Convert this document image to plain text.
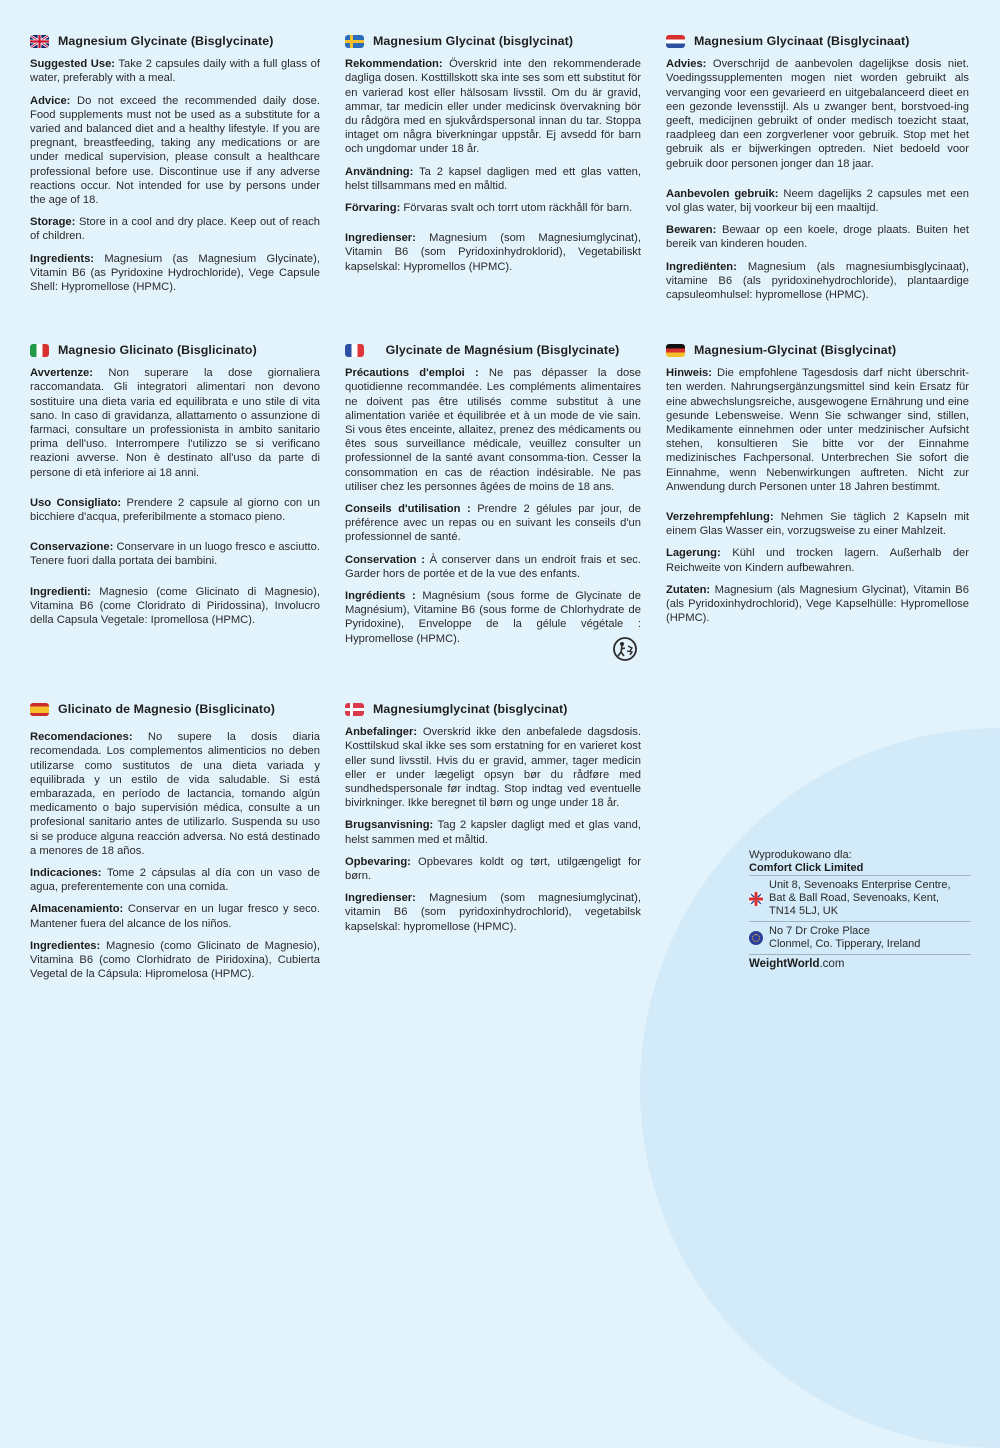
Magnesium Glycinate (Bisglycinate)

Suggested Use: Take 2 capsules daily with a full glass of water, preferably with a meal.

Advice: Do not exceed the recommended daily dose. Food supplements must not be used as a substitute for a varied and balanced diet and a healthy lifestyle. If you are pregnant, breastfeeding, taking any medications or are under medical supervision, please consult a healthcare professional before use. Discontinue use if any adverse reactions occur. Not intended for use by persons under the age of 18.

Storage: Store in a cool and dry place. Keep out of reach of children.

Ingredients: Magnesium (as Magnesium Glycinate), Vitamin B6 (as Pyridoxine Hydrochloride), Vege Capsule Shell: Hypromellose (HPMC).

Magnesium Glycinat (bisglycinat)

Rekommendation: Överskrid inte den rekommenderade dagliga dosen. Kosttillskott ska inte ses som ett substitut för en varierad kost eller hälsosam livsstil. Om du är gravid, ammar, tar medicin eller under medicinsk övervakning bör du rådgöra med en sjukvårdspersonal innan du tar. Stoppa intaget om några biverkningar uppstår. Ej avsedd för barn och ungdomar under 18 år.

Användning: Ta 2 kapsel dagligen med ett glas vatten, helst tillsammans med en måltid.

Förvaring: Förvaras svalt och torrt utom räckhåll för barn.

Ingredienser: Magnesium (som Magnesiumglycinat), Vitamin B6 (som Pyridoxinhydroklorid), Vegetabiliskt kapselskal: Hypromellos (HPMC).

Magnesium Glycinaat (Bisglycinaat)

Advies: Overschrijd de aanbevolen dagelijkse dosis niet. Voedingssupplementen mogen niet worden gebruikt als vervanging voor een gevarieerd en uitgebalanceerd dieet en een gezonde levensstijl. Als u zwanger bent, borstvoed-ing geeft, medicijnen gebruikt of onder medisch toezicht staat, raadpleeg dan een zorgverlener voor gebruik. Stop met het gebruik als er bijwerkingen optreden. Niet bedoeld voor gebruik door personen jonger dan 18 jaar.

Aanbevolen gebruik: Neem dagelijks 2 capsules met een vol glas water, bij voorkeur bij een maaltijd.

Bewaren: Bewaar op een koele, droge plaats. Buiten het bereik van kinderen houden.

Ingrediënten: Magnesium (als magnesiumbisglycinaat), vitamine B6 (als pyridoxinehydrochloride), plantaardige capsuleomhulsel: hypromellose (HPMC).

Magnesio Glicinato (Bisglicinato)

Avvertenze: Non superare la dose giornaliera raccomandata. Gli integratori alimentari non devono sostituire una dieta varia ed equilibrata e uno stile di vita sano. In caso di gravidanza, allattamento o assunzione di farmaci, consultare un professionista in ambito sanitario prima dell'uso. Interrompere l'utilizzo se si verificano reazioni avverse. Non è destinato all'uso da parte di persone di età inferiore ai 18 anni.

Uso Consigliato: Prendere 2 capsule al giorno con un bicchiere d'acqua, preferibilmente a stomaco pieno.

Conservazione: Conservare in un luogo fresco e asciutto. Tenere fuori dalla portata dei bambini.

Ingredienti: Magnesio (come Glicinato di Magnesio), Vitamina B6 (come Cloridrato di Piridossina), Involucro della Capsula Vegetale: Ipromellosa (HPMC).

Glycinate de Magnésium (Bisglycinate)

Précautions d'emploi : Ne pas dépasser la dose quotidienne recommandée. Les compléments alimentaires ne doivent pas être utilisés comme substitut à une alimentation variée et équilibrée et à un mode de vie sain. Si vous êtes enceinte, allaitez, prenez des médicaments ou êtes sous surveillance médicale, veuillez consulter un professionnel de la santé avant consomma-tion. Cesser la consommation en cas de réaction indésirable. Ne pas utiliser chez les personnes âgées de moins de 18 ans.

Conseils d'utilisation : Prendre 2 gélules par jour, de préférence avec un repas ou en suivant les conseils d'un professionnel de santé.

Conservation : À conserver dans un endroit frais et sec. Garder hors de portée et de la vue des enfants.

Ingrédients : Magnésium (sous forme de Glycinate de Magnésium), Vitamine B6 (sous forme de Chlorhydrate de Pyridoxine), Enveloppe de la gélule végétale : Hypromellose (HPMC).

Magnesium-Glycinat (Bisglycinat)

Hinweis: Die empfohlene Tagesdosis darf nicht überschrit-ten werden. Nahrungsergänzungsmittel sind kein Ersatz für eine abwechslungsreiche, ausgewogene Ernährung und eine gesunde Lebensweise. Wenn Sie schwanger sind, stillen, Medikamente einnehmen oder unter medzinischer Aufsicht stehen, konsultieren Sie bitte vor der Einnahme medizinisches Fachpersonal. Unterbrechen Sie sofort die Einnahme, wenn Nebenwirkungen auftreten. Nicht zur Anwendung durch Personen unter 18 Jahren bestimmt.

Verzehrempfehlung: Nehmen Sie täglich 2 Kapseln mit einem Glas Wasser ein, vorzugsweise zu einer Mahlzeit.

Lagerung: Kühl und trocken lagern. Außerhalb der Reichweite von Kindern aufbewahren.

Zutaten: Magnesium (als Magnesium Glycinat), Vitamin B6 (als Pyridoxinhydrochlorid), Vege Kapselhülle: Hypromellose (HPMC).

Glicinato de Magnesio (Bisglicinato)

Recomendaciones: No supere la dosis diaria recomendada. Los complementos alimenticios no deben utilizarse como sustitutos de una dieta variada y equilibrada y un estilo de vida saludable. Si está embarazada, en período de lactancia, tomando algún medicamento o bajo supervisión médica, consulte a un profesional sanitario antes de utilizarlo. Suspenda su uso si se produce alguna reacción adversa. No está destinado a menores de 18 años.

Indicaciones: Tome 2 cápsulas al día con un vaso de agua, preferentemente con una comida.

Almacenamiento: Conservar en un lugar fresco y seco. Mantener fuera del alcance de los niños.

Ingredientes: Magnesio (como Glicinato de Magnesio), Vitamina B6 (como Clorhidrato de Piridoxina), Cubierta Vegetal de la Cápsula: Hipromelosa (HPMC).

Magnesiumglycinat (bisglycinat)

Anbefalinger: Overskrid ikke den anbefalede dagsdosis. Kosttilskud skal ikke ses som erstatning for en varieret kost eller sund livsstil. Hvis du er gravid, ammer, tager medicin eller er under lægeligt opsyn bør du rådføre med sundhedspersonale før indtag. Stop indtag ved eventuelle bivirkninger. Ikke beregnet til børn og unge under 18 år.

Brugsanvisning: Tag 2 kapsler dagligt med et glas vand, helst sammen med et måltid.

Opbevaring: Opbevares koldt og tørt, utilgængeligt for børn.

Ingredienser: Magnesium (som magnesiumglycinat), vitamin B6 (som pyridoxinhydrochlorid), vegetabilsk kapselskal: hypromellose (HPMC).

Wyprodukowano dla:
Comfort Click Limited
Unit 8, Sevenoaks Enterprise Centre,
Bat & Ball Road, Sevenoaks, Kent,
TN14 5LJ, UK
No 7 Dr Croke Place
Clonmel, Co. Tipperary, Ireland
WeightWorld.com
